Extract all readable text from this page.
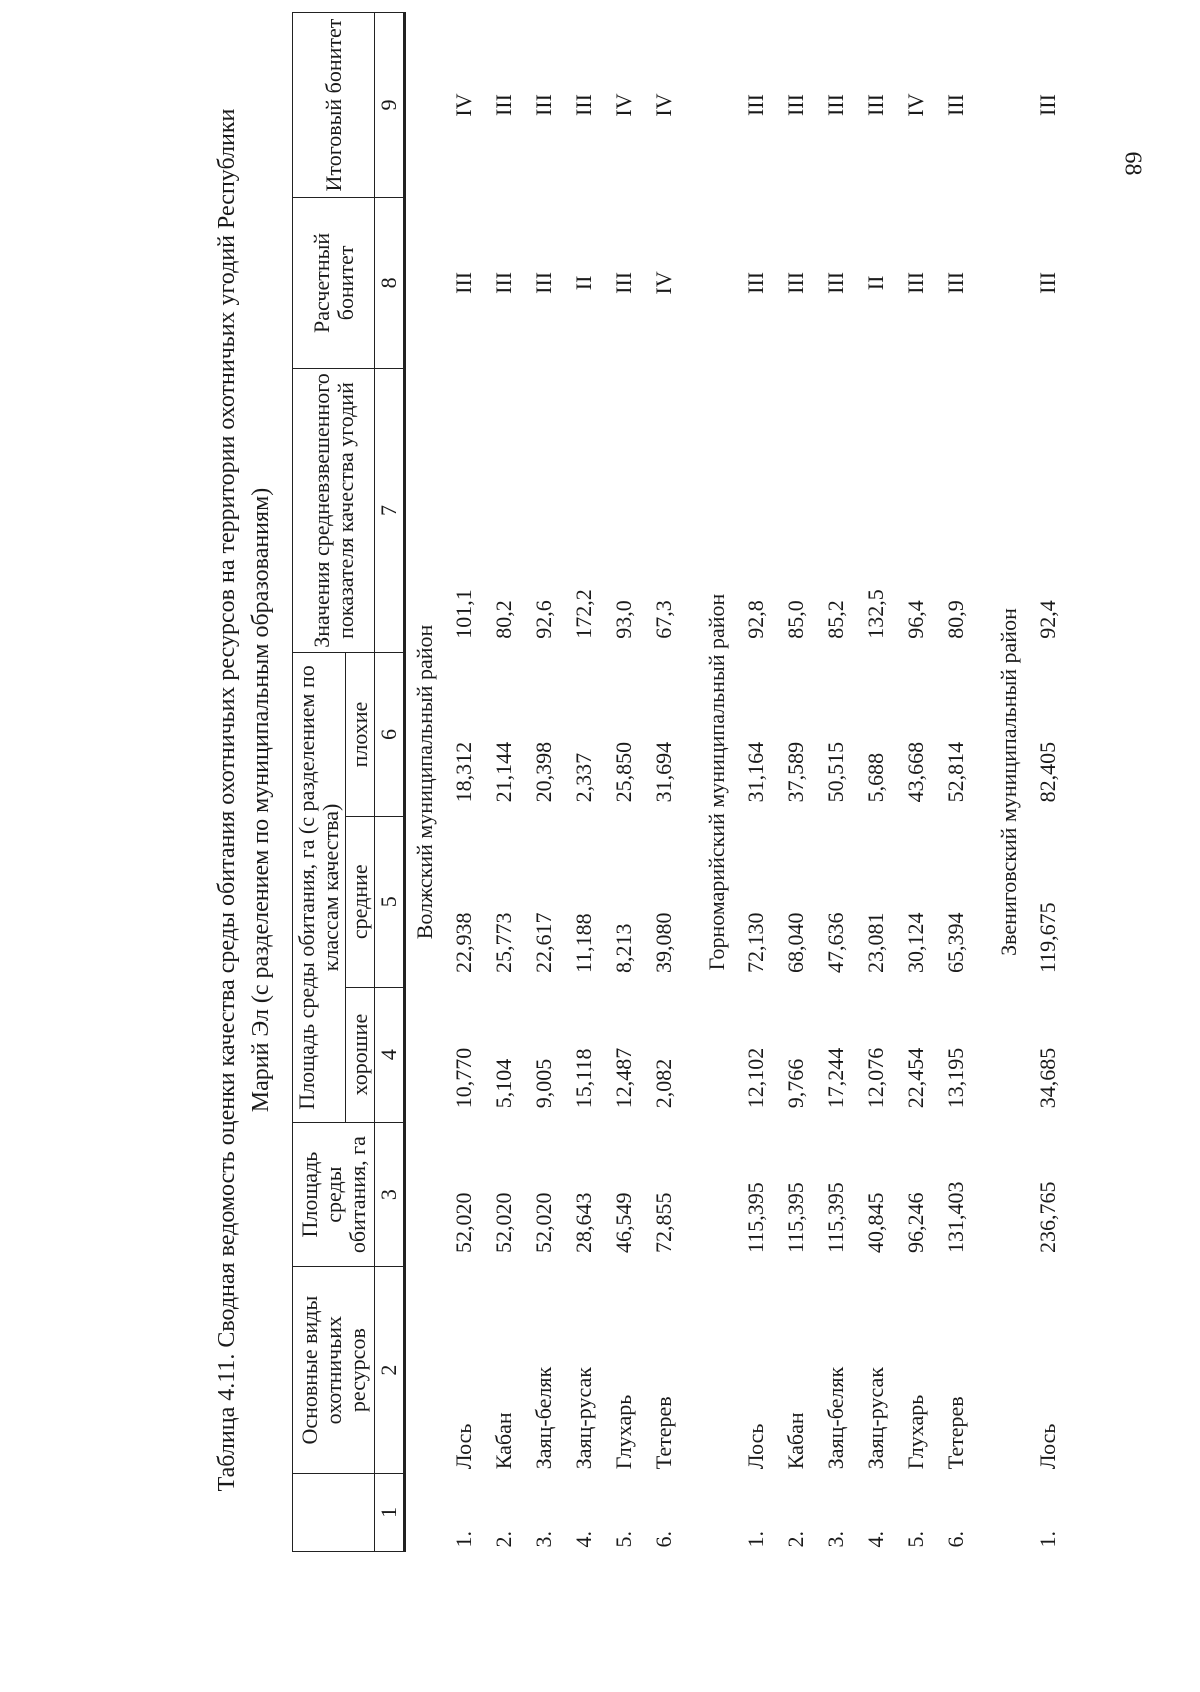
68
Таблица 4.11. Сводная ведомость оценки качества среды обитания охотничьих ресурсов на территории охотничьих угодий Республики Марий Эл (с разделением по муниципальным образованиям)
	Основные виды охотничьих ресурсов	Площадь среды обитания, га	Площадь среды обитания, га (с разделением по классам качества)			Значения средневзвешенного показателя качества угодий	Расчетный бонитет	Итоговый бонитет
			хорошие	средние	плохие			
1	2	3	4	5	6	7	8	9
Волжский муниципальный район								
1.	Лось	52,020	10,770	22,938	18,312	101,1	III	IV
2.	Кабан	52,020	5,104	25,773	21,144	80,2	III	III
3.	Заяц-беляк	52,020	9,005	22,617	20,398	92,6	III	III
4.	Заяц-русак	28,643	15,118	11,188	2,337	172,2	II	III
5.	Глухарь	46,549	12,487	8,213	25,850	93,0	III	IV
6.	Тетерев	72,855	2,082	39,080	31,694	67,3	IV	IV

Горномарийский муниципальный район								
1.	Лось	115,395	12,102	72,130	31,164	92,8	III	III
2.	Кабан	115,395	9,766	68,040	37,589	85,0	III	III
3.	Заяц-беляк	115,395	17,244	47,636	50,515	85,2	III	III
4.	Заяц-русак	40,845	12,076	23,081	5,688	132,5	II	III
5.	Глухарь	96,246	22,454	30,124	43,668	96,4	III	IV
6.	Тетерев	131,403	13,195	65,394	52,814	80,9	III	III

Звениговский муниципальный район								
1.	Лось	236,765	34,685	119,675	82,405	92,4	III	III
